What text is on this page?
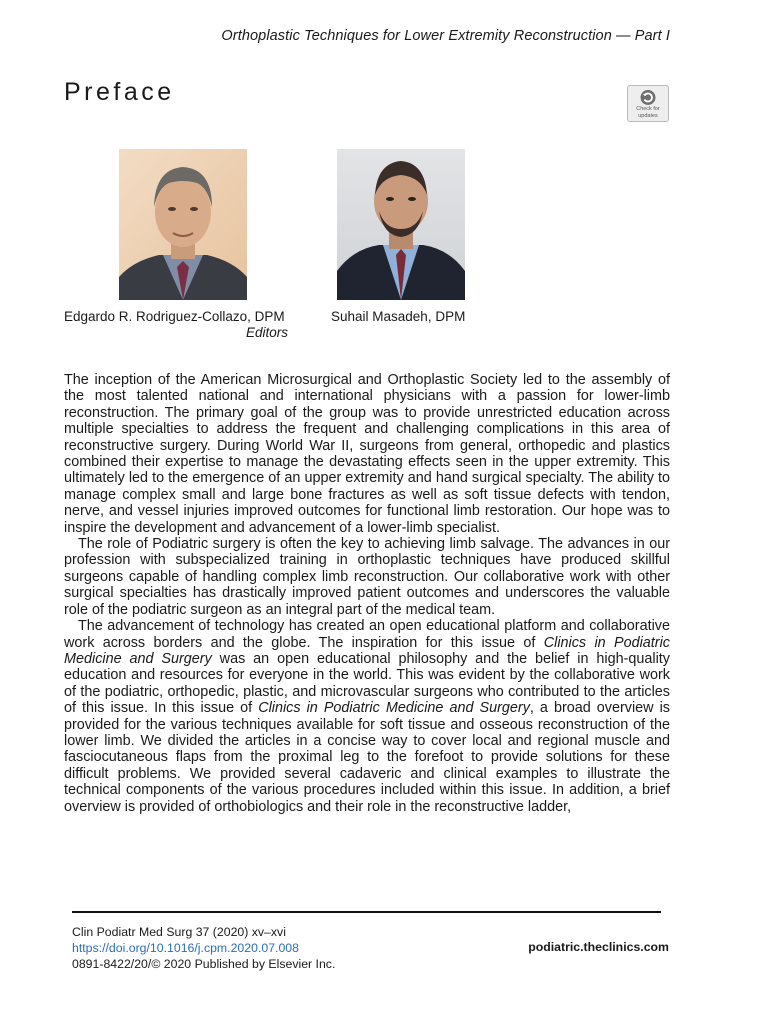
Orthoplastic Techniques for Lower Extremity Reconstruction — Part I
Preface
Check for
updates
Edgardo R. Rodriguez-Collazo, DPM	Suhail Masadeh, DPM
Editors

The inception of the American Microsurgical and Orthoplastic Society led to the assembly of the most talented national and international physicians with a passion for lower-limb reconstruction. The primary goal of the group was to provide unrestricted education across multiple specialties to address the frequent and challenging complications in this area of reconstructive surgery. During World War II, surgeons from general, orthopedic and plastics combined their expertise to manage the devastating effects seen in the upper extremity. This ultimately led to the emergence of an upper extremity and hand surgical specialty. The ability to manage complex small and large bone fractures as well as soft tissue defects with tendon, nerve, and vessel injuries improved outcomes for functional limb restoration. Our hope was to inspire the development and advancement of a lower-limb specialist.

The role of Podiatric surgery is often the key to achieving limb salvage. The advances in our profession with subspecialized training in orthoplastic techniques have produced skillful surgeons capable of handling complex limb reconstruction. Our collaborative work with other surgical specialties has drastically improved patient outcomes and underscores the valuable role of the podiatric surgeon as an integral part of the medical team.

The advancement of technology has created an open educational platform and collaborative work across borders and the globe. The inspiration for this issue of Clinics in Podiatric Medicine and Surgery was an open educational philosophy and the belief in high-quality education and resources for everyone in the world. This was evident by the collaborative work of the podiatric, orthopedic, plastic, and microvascular surgeons who contributed to the articles of this issue. In this issue of Clinics in Podiatric Medicine and Surgery, a broad overview is provided for the various techniques available for soft tissue and osseous reconstruction of the lower limb. We divided the articles in a concise way to cover local and regional muscle and fasciocutaneous flaps from the proximal leg to the forefoot to provide solutions for these difficult problems. We provided several cadaveric and clinical examples to illustrate the technical components of the various procedures included within this issue. In addition, a brief overview is provided of orthobiologics and their role in the reconstructive ladder,

Clin Podiatr Med Surg 37 (2020) xv–xvi
https://doi.org/10.1016/j.cpm.2020.07.008
0891-8422/20/© 2020 Published by Elsevier Inc.
podiatric.theclinics.com
